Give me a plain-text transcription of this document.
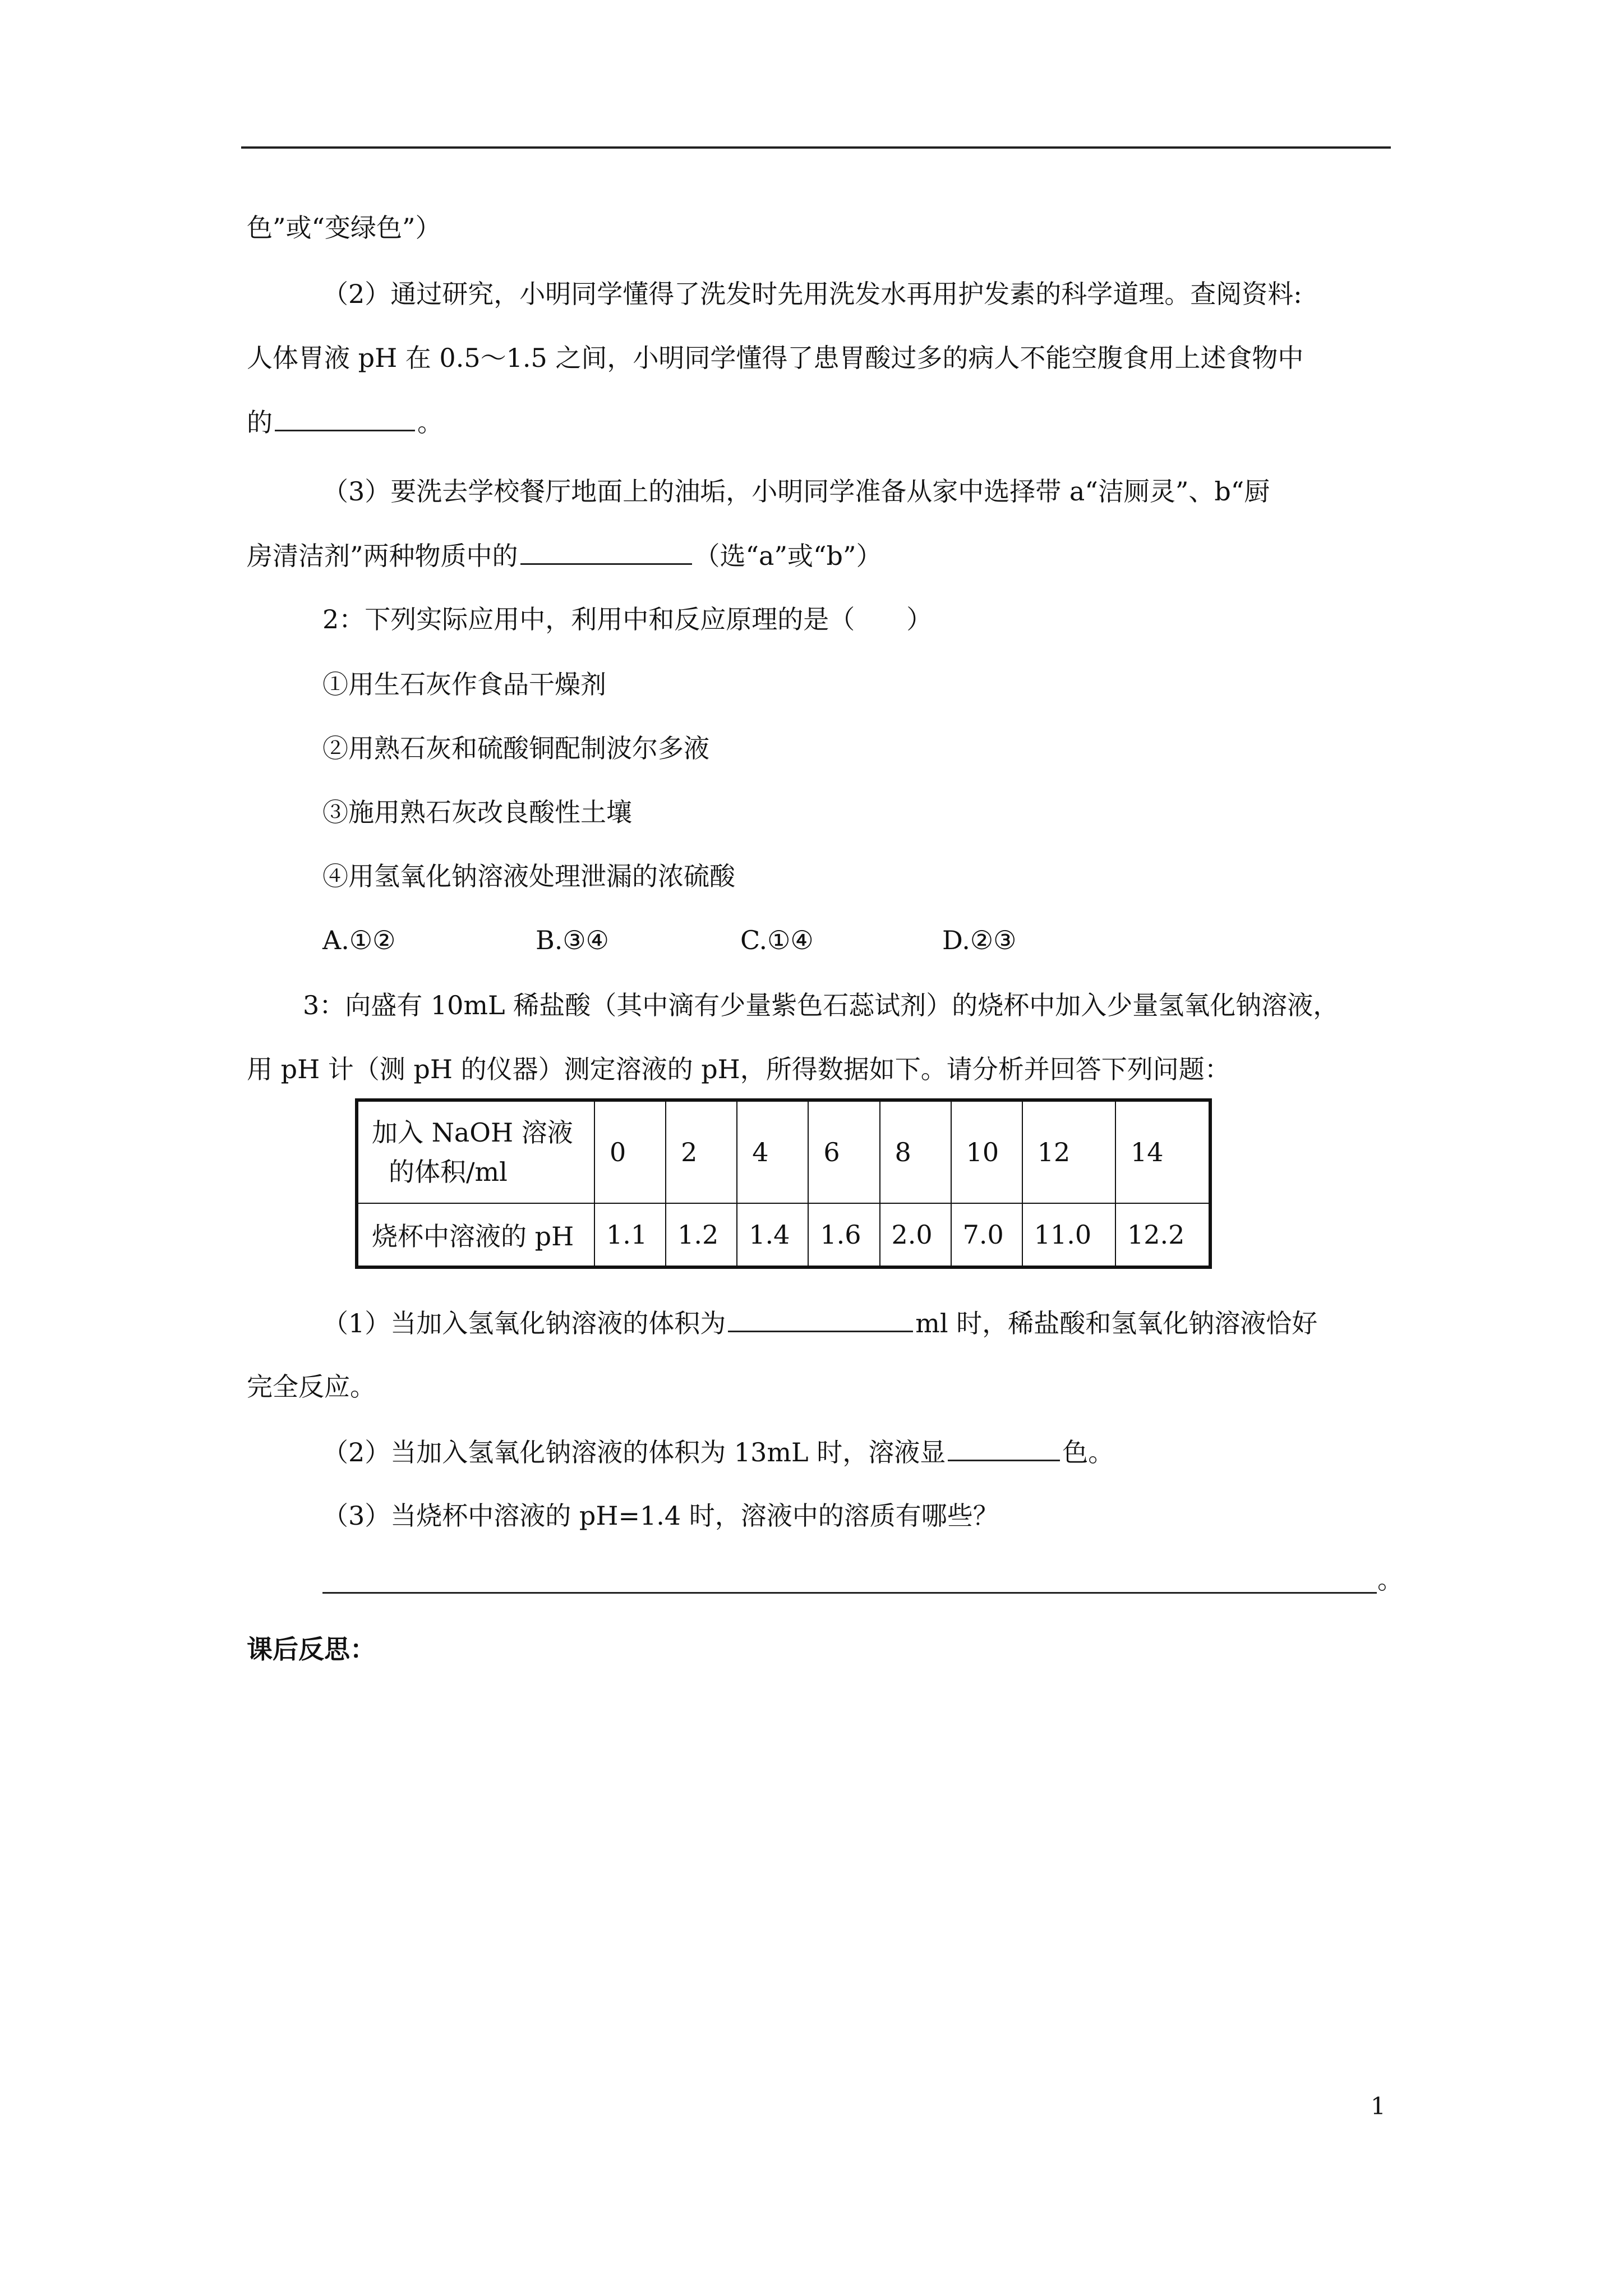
色”或“变绿色”）
（2）通过研究，小明同学懂得了洗发时先用洗发水再用护发素的科学道理。查阅资料:
人体胃液 pH 在 0.5～1.5 之间，小明同学懂得了患胃酸过多的病人不能空腹食用上述食物中
的	。
（3）要洗去学校餐厅地面上的油垢，小明同学准备从家中选择带 a“洁厕灵”、b“厨
房清洁剂”两种物质中的	（选“a”或“b”）
2：下列实际应用中，利用中和反应原理的是（　　）
①用生石灰作食品干燥剂
②用熟石灰和硫酸铜配制波尔多液
③施用熟石灰改良酸性土壤
④用氢氧化钠溶液处理泄漏的浓硫酸
A.①②	B.③④	C.①④	D.②③
3：向盛有 10mL 稀盐酸（其中滴有少量紫色石蕊试剂）的烧杯中加入少量氢氧化钠溶液，
用 pH 计（测 pH 的仪器）测定溶液的 pH，所得数据如下。请分析并回答下列问题：
加入 NaOH 溶液
的体积/ml	0	2	4	6	8	10	12	14
烧杯中溶液的 pH	1.1	1.2	1.4	1.6	2.0	7.0	11.0	12.2
（1）当加入氢氧化钠溶液的体积为	ml 时，稀盐酸和氢氧化钠溶液恰好
完全反应。
（2）当加入氢氧化钠溶液的体积为 13mL 时，溶液显	色。
（3）当烧杯中溶液的 pH=1.4 时，溶液中的溶质有哪些？
。
课后反思：
1
